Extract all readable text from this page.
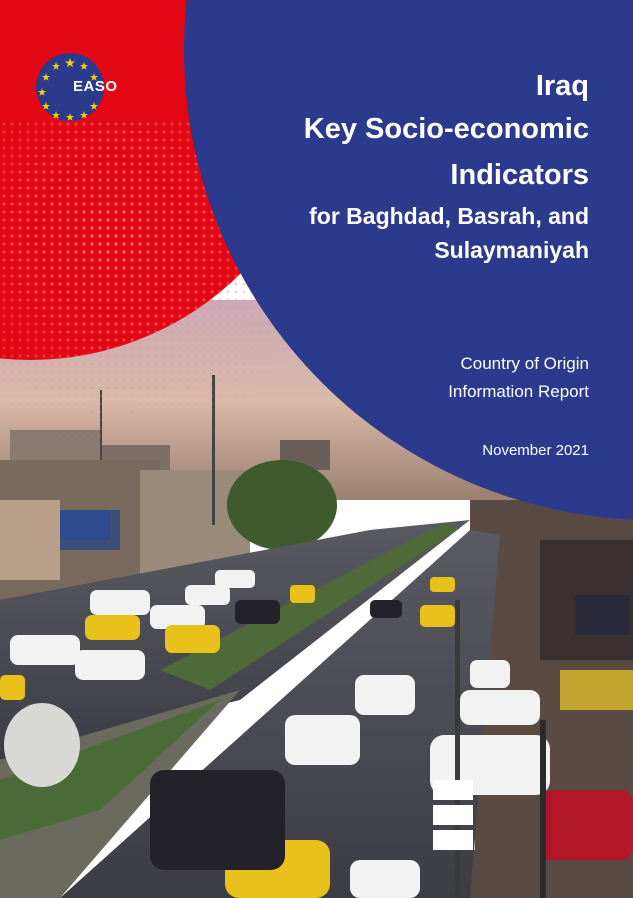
EASO	Iraq
Key Socio-economic
Indicators
for Baghdad, Basrah, and
Sulaymaniyah
Country of Origin
Information Report
November 2021
